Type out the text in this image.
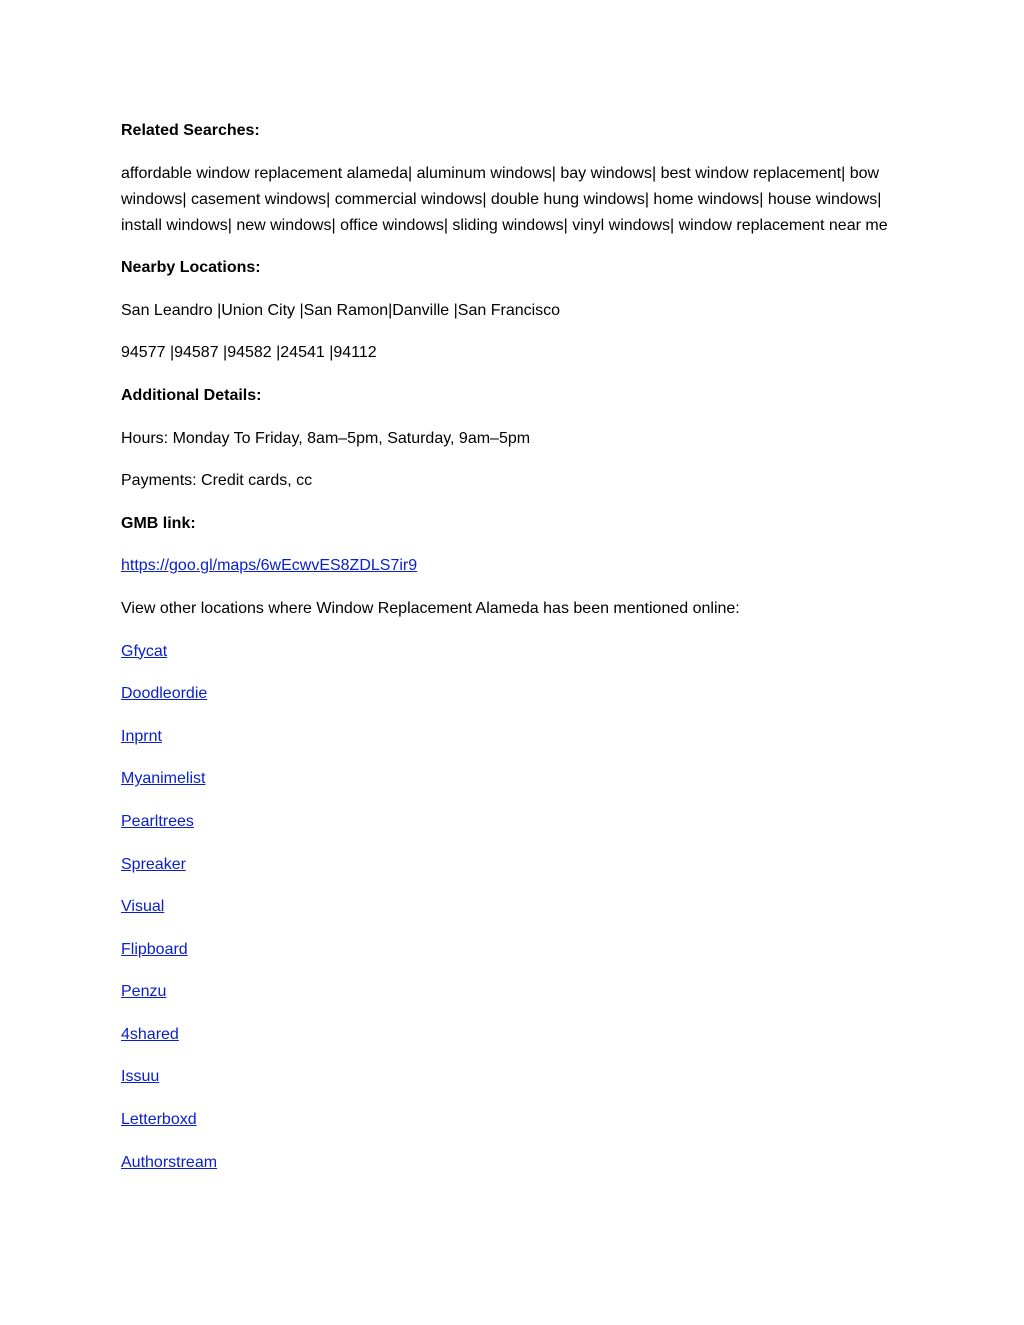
Related Searches:

affordable window replacement alameda| aluminum windows| bay windows| best window replacement| bow windows| casement windows| commercial windows| double hung windows| home windows| house windows| install windows| new windows| office windows| sliding windows| vinyl windows| window replacement near me

Nearby Locations:

San Leandro |Union City |San Ramon|Danville |San Francisco

94577 |94587 |94582 |24541 |94112

Additional Details:

Hours: Monday To Friday, 8am–5pm, Saturday, 9am–5pm

Payments: Credit cards, cc

GMB link:

https://goo.gl/maps/6wEcwvES8ZDLS7ir9

View other locations where Window Replacement Alameda has been mentioned online:

Gfycat

Doodleordie

Inprnt

Myanimelist

Pearltrees

Spreaker

Visual

Flipboard

Penzu

4shared

Issuu

Letterboxd

Authorstream
